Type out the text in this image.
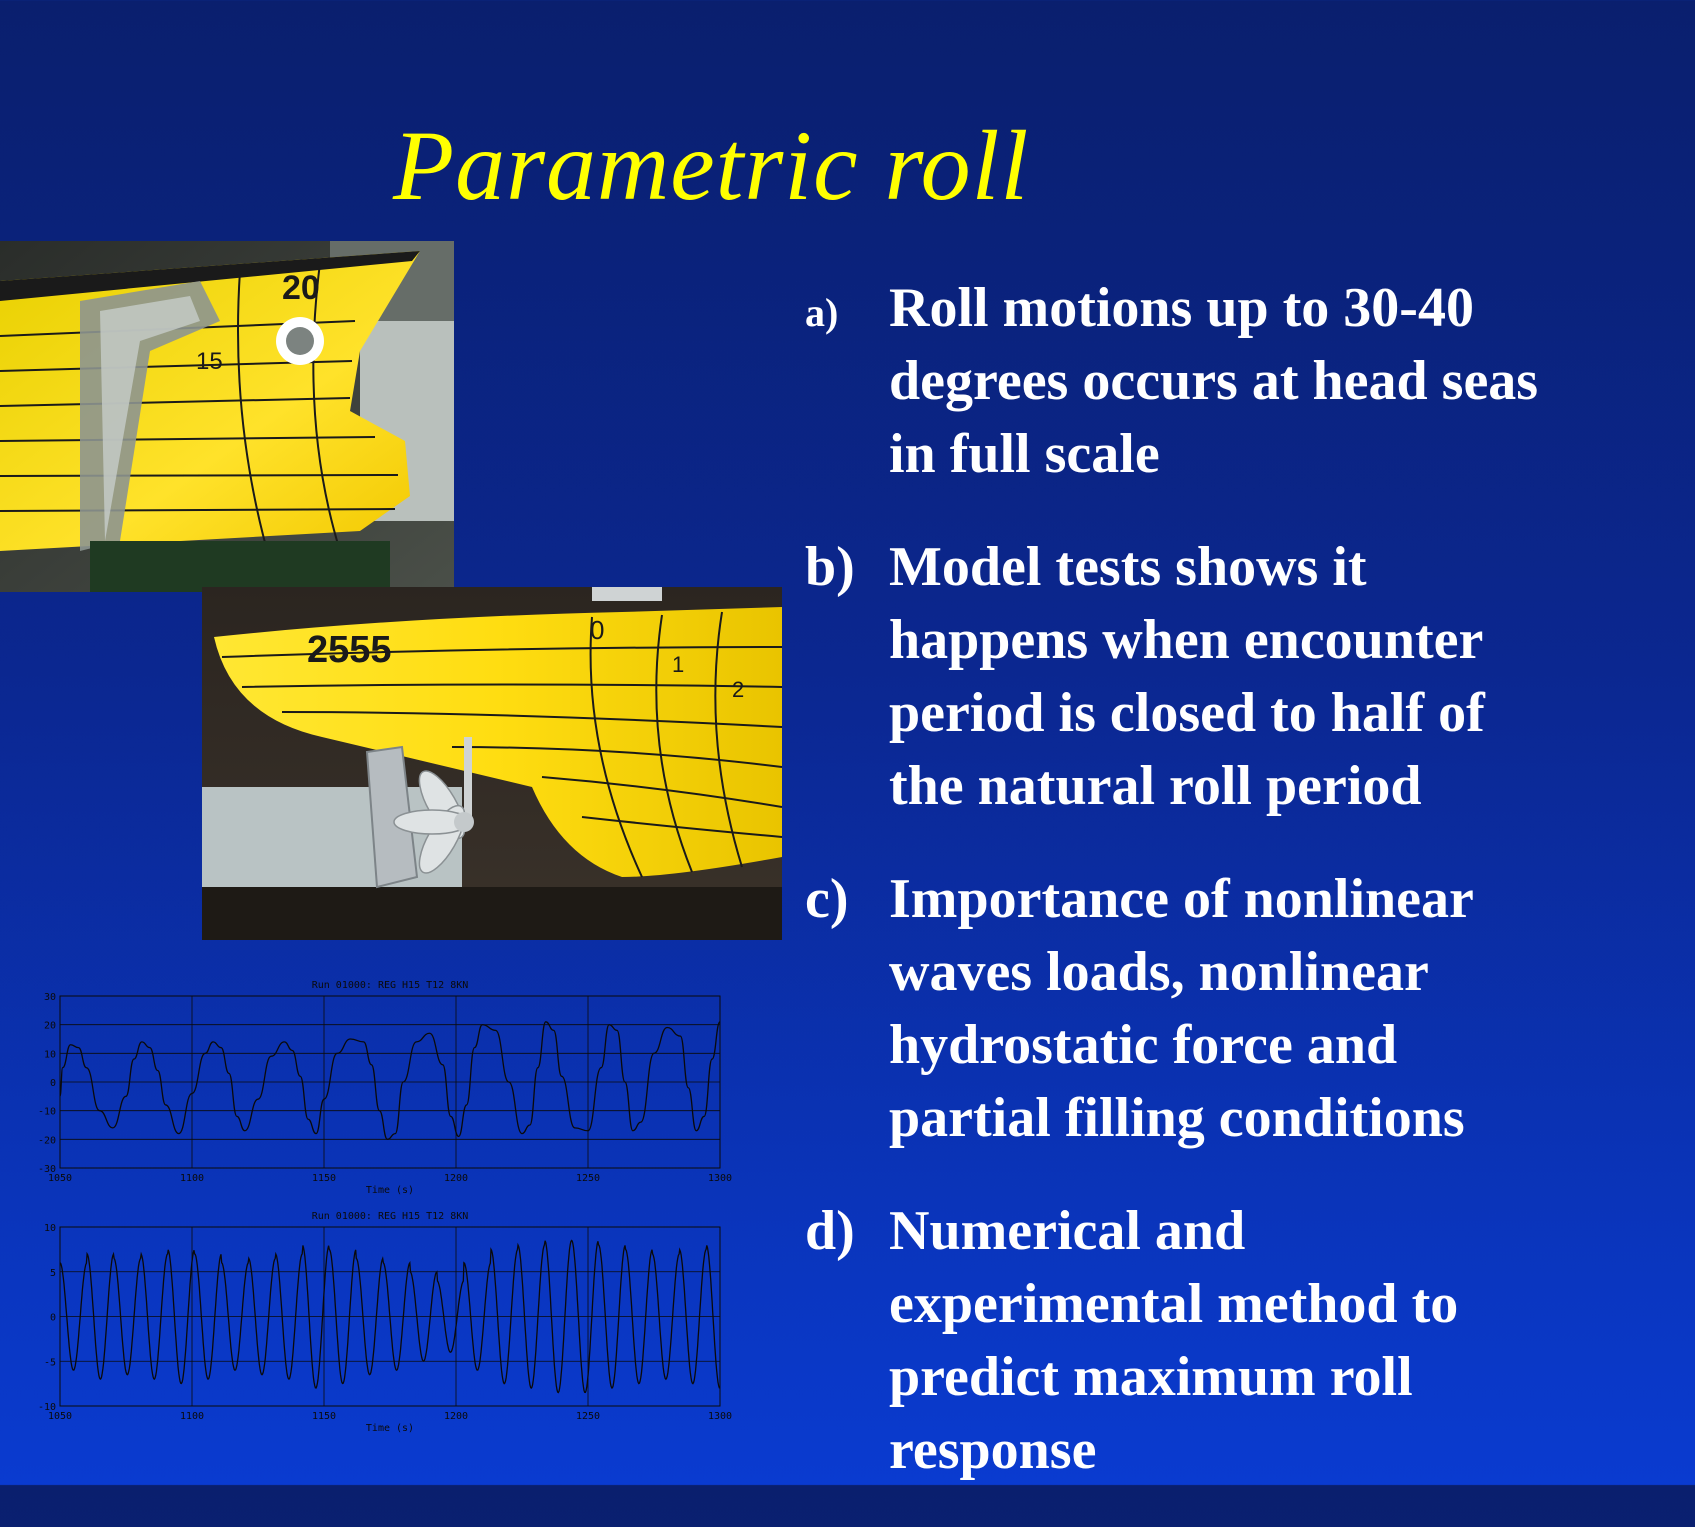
Parametric roll
20
15
2555	0
1
2
Run 01000: REG H15 T12 8KN
30
20
10
0
-10
-20
-30
1050	1100	1150	1200	1250	1300
Time (s)
Run 01000: REG H15 T12 8KN
10
5
0
-5
-10
1050	1100	1150	1200	1250	1300
Time (s)
a) Roll motions up to 30-40
degrees occurs at head seas
in full scale
b) Model tests shows it
happens when encounter
period is closed to half of
the natural roll period
c) Importance of nonlinear
waves loads, nonlinear
hydrostatic force and
partial filling conditions
d) Numerical and
experimental method to
predict maximum roll
response
